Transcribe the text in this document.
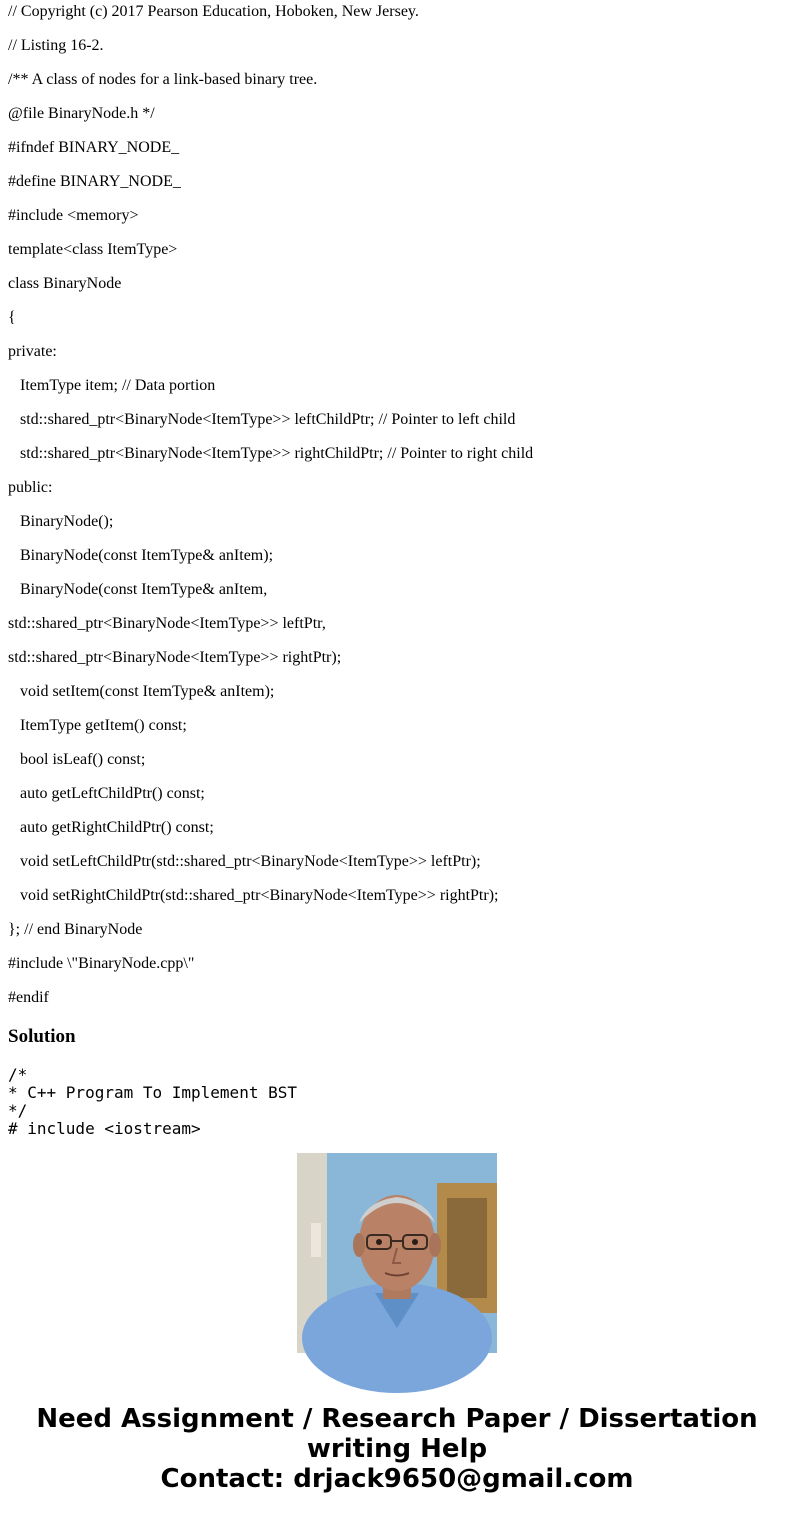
// Copyright (c) 2017 Pearson Education, Hoboken, New Jersey.

// Listing 16-2.

/** A class of nodes for a link-based binary tree.

@file BinaryNode.h */

#ifndef BINARY_NODE_

#define BINARY_NODE_

#include <memory>

template<class ItemType>

class BinaryNode

{

private:

ItemType item; // Data portion

std::shared_ptr<BinaryNode<ItemType>> leftChildPtr; // Pointer to left child

std::shared_ptr<BinaryNode<ItemType>> rightChildPtr; // Pointer to right child

public:

BinaryNode();

BinaryNode(const ItemType& anItem);

BinaryNode(const ItemType& anItem,

std::shared_ptr<BinaryNode<ItemType>> leftPtr,

std::shared_ptr<BinaryNode<ItemType>> rightPtr);

void setItem(const ItemType& anItem);

ItemType getItem() const;

bool isLeaf() const;

auto getLeftChildPtr() const;

auto getRightChildPtr() const;

void setLeftChildPtr(std::shared_ptr<BinaryNode<ItemType>> leftPtr);

void setRightChildPtr(std::shared_ptr<BinaryNode<ItemType>> rightPtr);

}; // end BinaryNode

#include \"BinaryNode.cpp\"

#endif

Solution
/*
* C++ Program To Implement BST
*/
# include <iostream>
Need Assignment / Research Paper / Dissertation
writing Help
Contact: drjack9650@gmail.com
